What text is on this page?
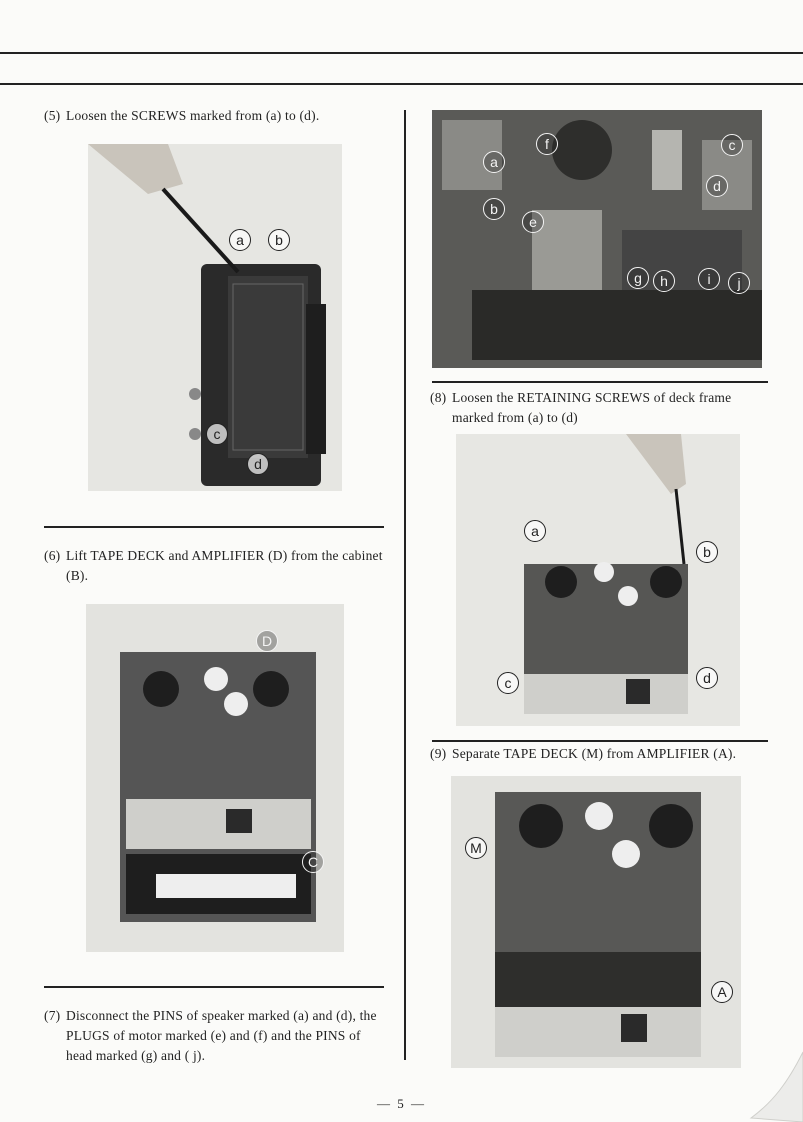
(5) Loosen the SCREWS marked from (a) to (d).
a	b
c
d
(6) Lift TAPE DECK and AMPLIFIER (D) from the cabinet (B).
D
C
(7) Disconnect the PINS of speaker marked (a) and (d), the PLUGS of motor marked (e) and (f) and the PINS of head marked (g) and ( j).
a
b
c
d
e
f
g	h	i	j
(8) Loosen the RETAINING SCREWS of deck frame marked from (a) to (d)
a
b
c	d
(9) Separate TAPE DECK (M) from AMPLIFIER (A).
M
A
— 5 —
